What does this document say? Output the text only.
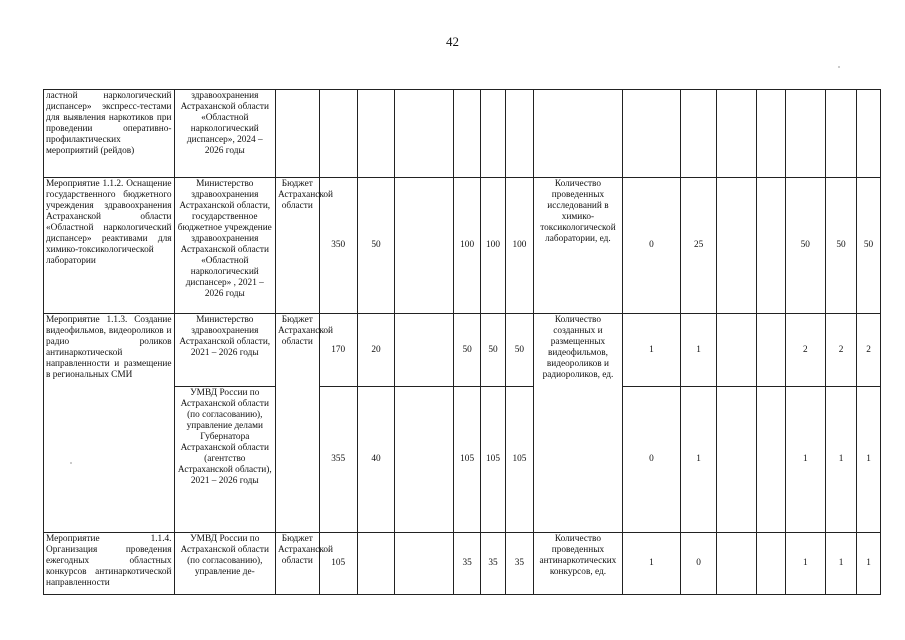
42
ластной наркологический диспансер» экспресс-тестами для выявления наркотиков при проведении оперативно-профилактических мероприятий (рейдов)	здравоохранения Астраханской области «Областной наркологический диспансер», 2024 – 2026 годы															
Мероприятие 1.1.2. Оснащение государственного бюджетного учреждения здравоохранения Астраханской области «Областной наркологический диспансер» реактивами для химико-токсикологической лаборатории	Министерство здравоохранения Астраханской области, государственное бюджетное учреждение здравоохранения Астраханской области «Областной наркологический диспансер» , 2021 – 2026 годы	Бюджет Астраханской области	350	50		100	100	100	Количество проведенных исследований в химико-токсикологической лаборатории, ед.	0	25			50	50	50
Мероприятие 1.1.3. Создание видеофильмов, видеороликов и радио роликов антинаркотической направленности и размещение в региональных СМИ	Министерство здравоохранения Астраханской области, 2021 – 2026 годы	Бюджет Астраханской области	170	20		50	50	50	Количество созданных и размещенных видеофильмов, видеороликов и радиороликов, ед.	1	1			2	2	2
	УМВД России по Астраханской области (по согласованию), управление делами Губернатора Астраханской области (агентство Астраханской области), 2021 – 2026 годы		355	40		105	105	105		0	1			1	1	1
Мероприятие 1.1.4. Организация проведения ежегодных областных конкурсов антинаркотической направленности	УМВД России по Астраханской области (по согласованию), управление де-	Бюджет Астраханской области	105			35	35	35	Количество проведенных антинаркотических конкурсов, ед.	1	0			1	1	1
